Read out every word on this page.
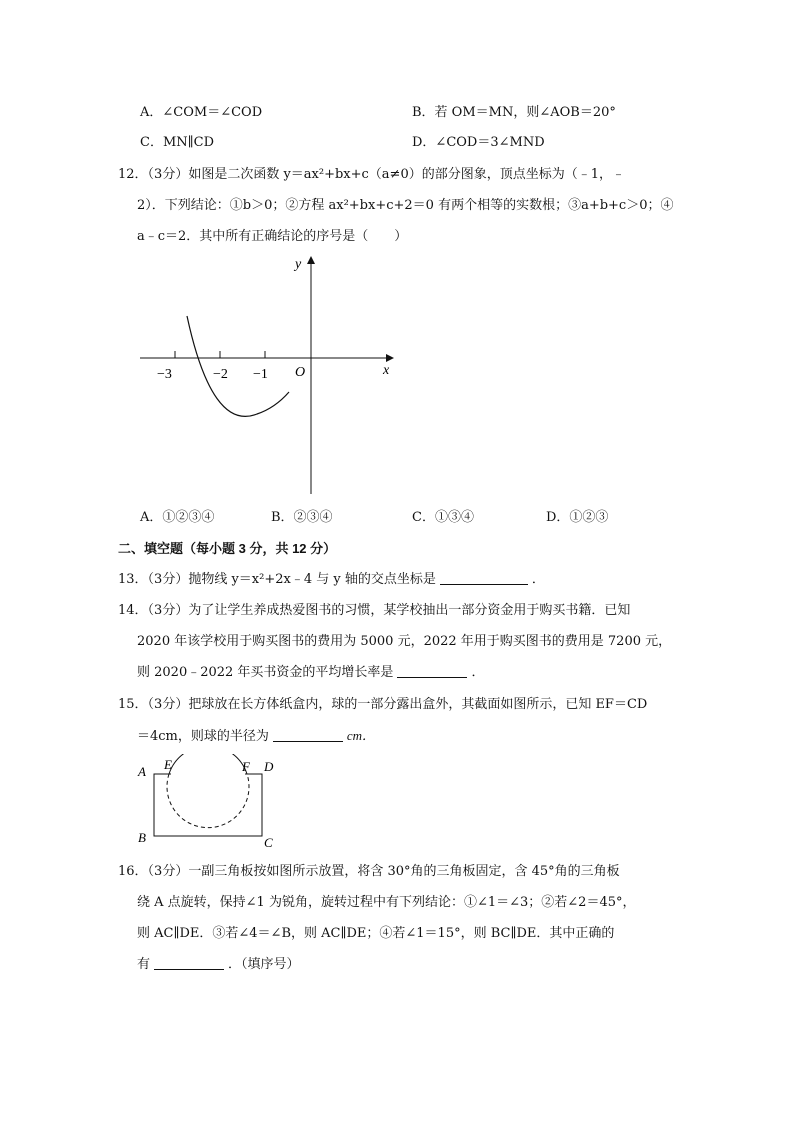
A．∠COM＝∠COD	B．若 OM＝MN，则∠AOB＝20°
C．MN∥CD	D．∠COD＝3∠MND
12．（3分）如图是二次函数 y＝ax²+bx+c（a≠0）的部分图象，顶点坐标为（﹣1，﹣
2）．下列结论：①b＞0；②方程 ax²+bx+c+2＝0 有两个相等的实数根；③a+b+c＞0；④
a﹣c＝2．其中所有正确结论的序号是（　　）
−3	−2 −1 O	x
y
A．①②③④	B．②③④	C．①③④	D．①②③
二、填空题（每小题 3 分，共 12 分）
13．（3分）抛物线 y＝x²+2x﹣4 与 y 轴的交点坐标是	．
14．（3分）为了让学生养成热爱图书的习惯，某学校抽出一部分资金用于购买书籍．已知
2020 年该学校用于购买图书的费用为 5000 元，2022 年用于购买图书的费用是 7200 元，
则 2020﹣2022 年买书资金的平均增长率是	．
15．（3分）把球放在长方体纸盒内，球的一部分露出盒外，其截面如图所示，已知 EF＝CD
＝4cm，则球的半径为	cm．
A E	F D
B	C
16．（3分）一副三角板按如图所示放置，将含 30°角的三角板固定，含 45°角的三角板
绕 A 点旋转，保持∠1 为锐角，旋转过程中有下列结论：①∠1＝∠3；②若∠2＝45°，
则 AC∥DE．③若∠4＝∠B，则 AC∥DE；④若∠1＝15°，则 BC∥DE．其中正确的
有	．（填序号）
